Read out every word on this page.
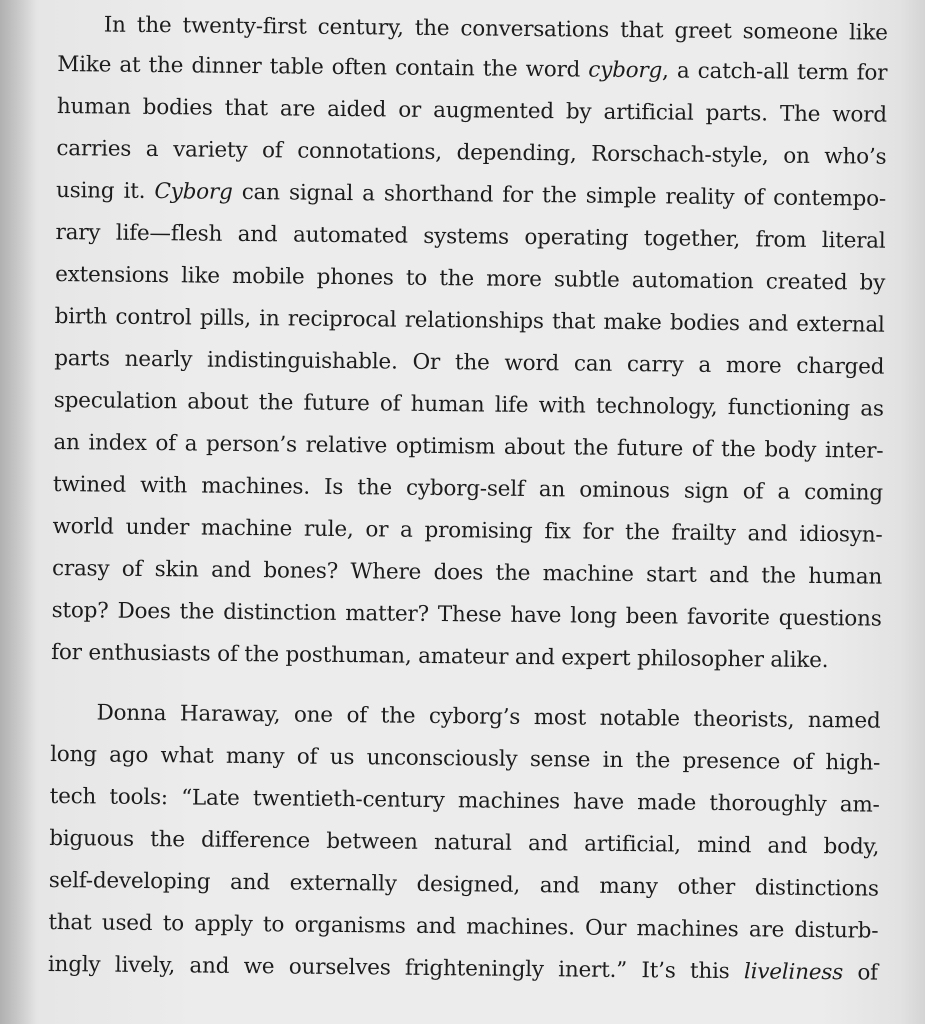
In the twenty-first century, the conversations that greet someone like
Mike at the dinner table often contain the word cyborg, a catch-all term for
human bodies that are aided or augmented by artificial parts. The word
carries a variety of connotations, depending, Rorschach-style, on who’s
using it. Cyborg can signal a shorthand for the simple reality of contempo-
rary life—flesh and automated systems operating together, from literal
extensions like mobile phones to the more subtle automation created by
birth control pills, in reciprocal relationships that make bodies and external
parts nearly indistinguishable. Or the word can carry a more charged
speculation about the future of human life with technology, functioning as
an index of a person’s relative optimism about the future of the body inter-
twined with machines. Is the cyborg-self an ominous sign of a coming
world under machine rule, or a promising fix for the frailty and idiosyn-
crasy of skin and bones? Where does the machine start and the human
stop? Does the distinction matter? These have long been favorite questions
for enthusiasts of the posthuman, amateur and expert philosopher alike.
Donna Haraway, one of the cyborg’s most notable theorists, named
long ago what many of us unconsciously sense in the presence of high-
tech tools: “Late twentieth-century machines have made thoroughly am-
biguous the difference between natural and artificial, mind and body,
self-developing and externally designed, and many other distinctions
that used to apply to organisms and machines. Our machines are disturb-
ingly lively, and we ourselves frighteningly inert.” It’s this liveliness of
